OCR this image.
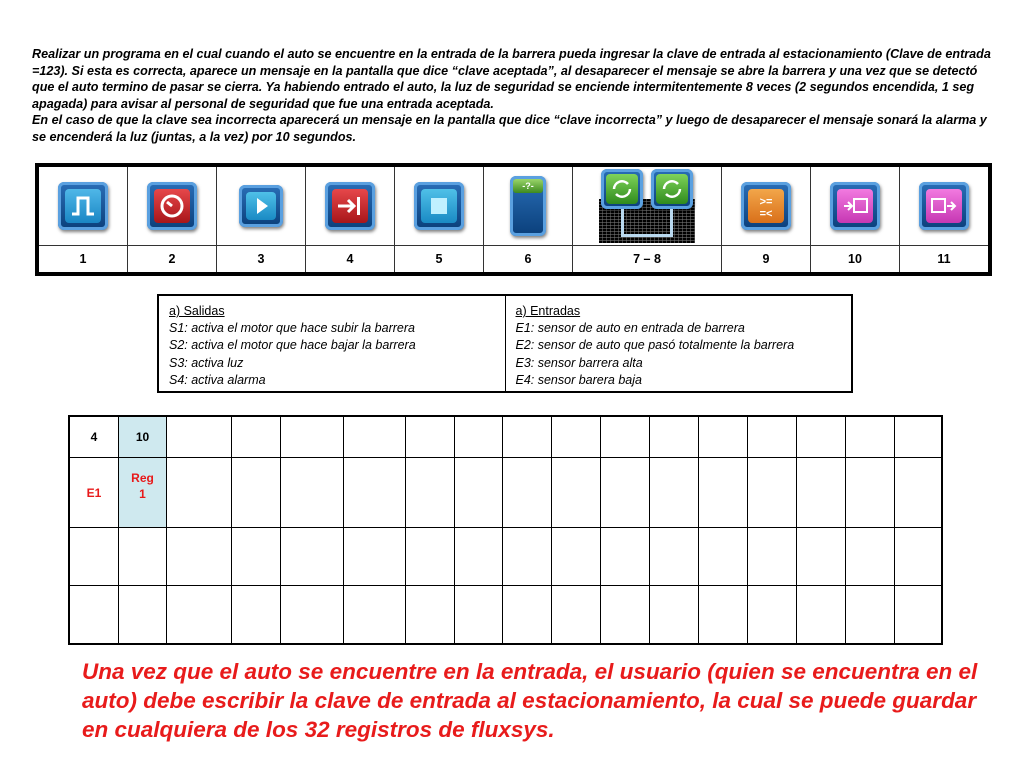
Realizar un programa en el cual cuando el auto se encuentre en la entrada de la barrera pueda ingresar la clave de entrada al estacionamiento (Clave de entrada =123). Si esta es correcta, aparece un mensaje en la pantalla que dice “clave aceptada”, al desaparecer el mensaje se abre la barrera y una vez que se detectó que el auto termino de pasar se cierra. Ya habiendo entrado el auto, la luz de seguridad se enciende intermitentemente 8 veces (2 segundos encendida, 1 seg apagada) para avisar al personal de seguridad que fue una entrada aceptada.

En el caso de que la clave sea incorrecta aparecerá un mensaje en la pantalla que dice “clave incorrecta” y luego de desaparecer el mensaje sonará la alarma y se encenderá la luz (juntas, a la vez) por 10 segundos.

-?-		>=
=<

1	2	3	4	5	6	7 – 8	9	10	11
a) Salidas
S1: activa el motor que hace subir la barrera
S2: activa el motor que hace bajar la barrera
S3: activa luz
S4: activa alarma
a) Entradas
E1: sensor de auto en entrada de barrera
E2: sensor de auto que pasó totalmente la barrera
E3: sensor barrera alta
E4: sensor barera baja
4	10															
E1	Reg
1															

Una vez que el auto se encuentre en la entrada, el usuario (quien se encuentra en el auto) debe escribir la clave de entrada al estacionamiento, la cual se puede guardar en cualquiera de los 32 registros de fluxsys.
